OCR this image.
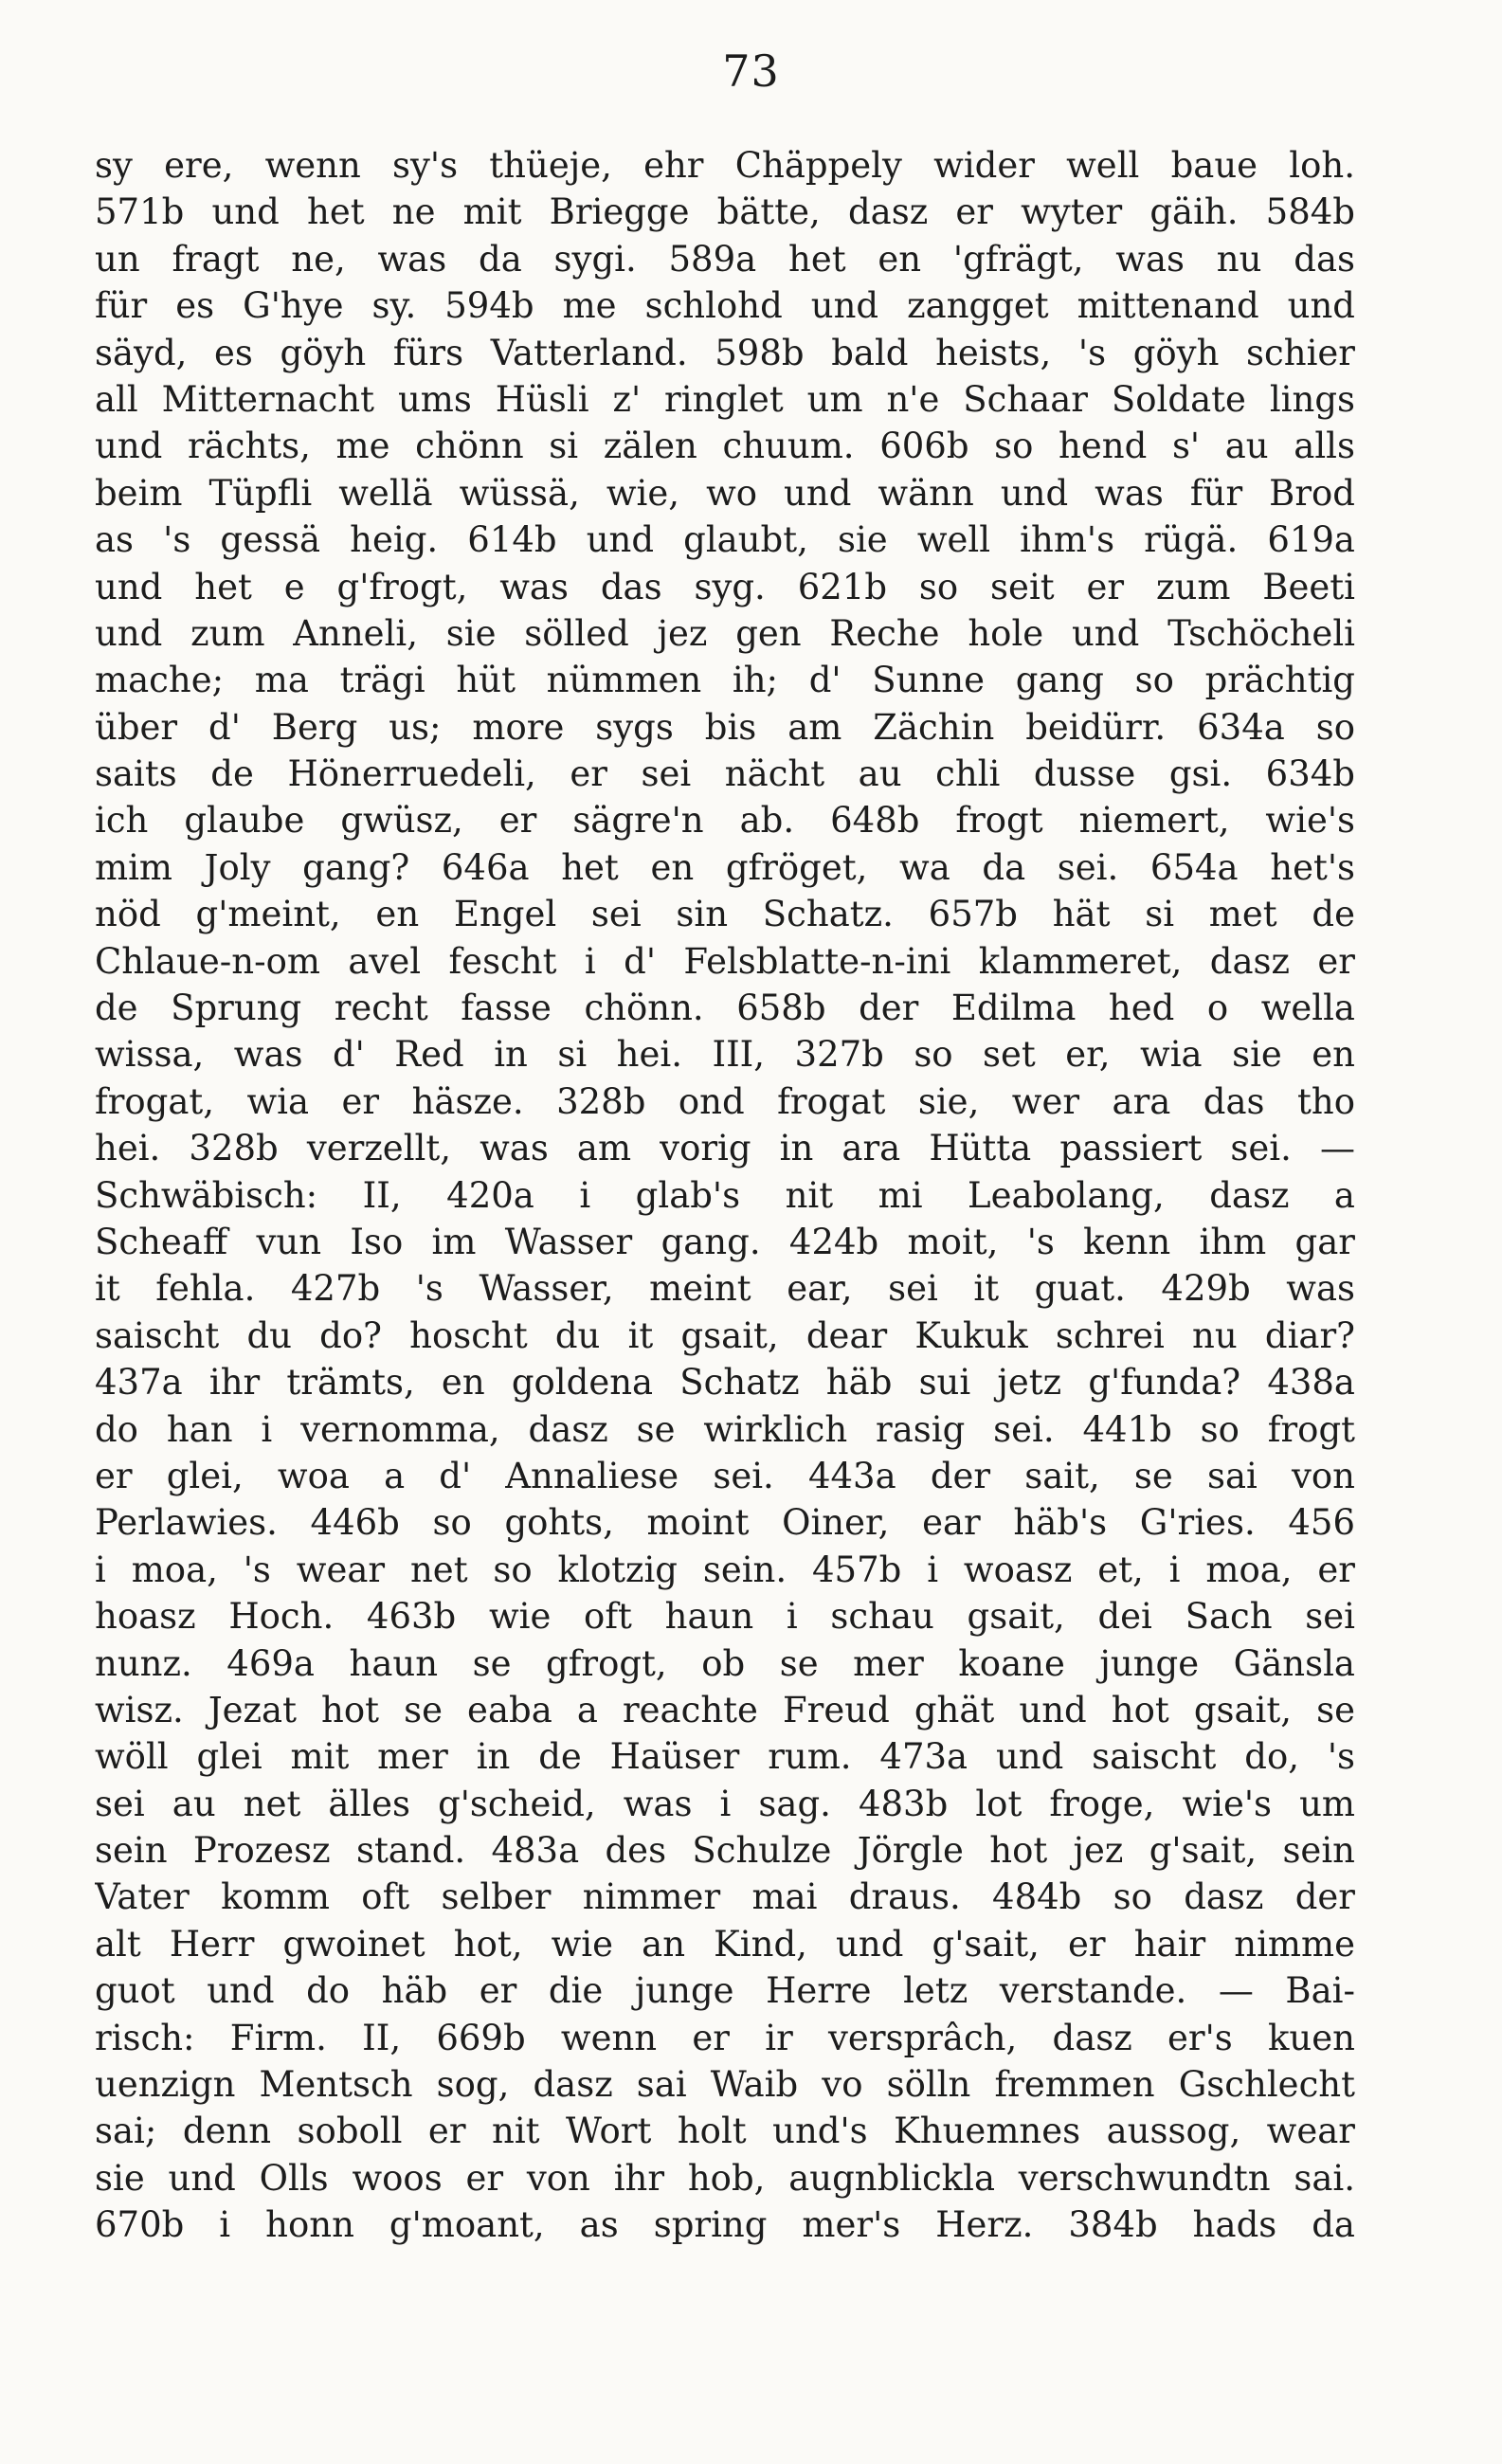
73
sy ere, wenn sy's thüeje, ehr Chäppely wider well baue loh.
571b und het ne mit Briegge bätte, dasz er wyter gäih. 584b
un fragt ne, was da sygi. 589a het en 'gfrägt, was nu das
für es G'hye sy. 594b me schlohd und zangget mittenand und
säyd, es göyh fürs Vatterland. 598b bald heists, 's göyh schier
all Mitternacht ums Hüsli z' ringlet um n'e Schaar Soldate lings
und rächts, me chönn si zälen chuum. 606b so hend s' au alls
beim Tüpfli wellä wüssä, wie, wo und wänn und was für Brod
as 's gessä heig. 614b und glaubt, sie well ihm's rügä. 619a
und het e g'frogt, was das syg. 621b so seit er zum Beeti
und zum Anneli, sie sölled jez gen Reche hole und Tschöcheli
mache; ma trägi hüt nümmen ih; d' Sunne gang so prächtig
über d' Berg us; more sygs bis am Zächin beidürr. 634a so
saits de Hönerruedeli, er sei nächt au chli dusse gsi. 634b
ich glaube gwüsz, er sägre'n ab. 648b frogt niemert, wie's
mim Joly gang? 646a het en gfröget, wa da sei. 654a het's
nöd g'meint, en Engel sei sin Schatz. 657b hät si met de
Chlaue-n-om avel fescht i d' Felsblatte-n-ini klammeret, dasz er
de Sprung recht fasse chönn. 658b der Edilma hed o wella
wissa, was d' Red in si hei. III, 327b so set er, wia sie en
frogat, wia er häsze. 328b ond frogat sie, wer ara das tho
hei. 328b verzellt, was am vorig in ara Hütta passiert sei. —
Schwäbisch: II, 420a i glab's nit mi Leabolang, dasz a
Scheaff vun Iso im Wasser gang. 424b moit, 's kenn ihm gar
it fehla. 427b 's Wasser, meint ear, sei it guat. 429b was
saischt du do? hoscht du it gsait, dear Kukuk schrei nu diar?
437a ihr trämts, en goldena Schatz häb sui jetz g'funda? 438a
do han i vernomma, dasz se wirklich rasig sei. 441b so frogt
er glei, woa a d' Annaliese sei. 443a der sait, se sai von
Perlawies. 446b so gohts, moint Oiner, ear häb's G'ries. 456
i moa, 's wear net so klotzig sein. 457b i woasz et, i moa, er
hoasz Hoch. 463b wie oft haun i schau gsait, dei Sach sei
nunz. 469a haun se gfrogt, ob se mer koane junge Gänsla
wisz. Jezat hot se eaba a reachte Freud ghät und hot gsait, se
wöll glei mit mer in de Haüser rum. 473a und saischt do, 's
sei au net älles g'scheid, was i sag. 483b lot froge, wie's um
sein Prozesz stand. 483a des Schulze Jörgle hot jez g'sait, sein
Vater komm oft selber nimmer mai draus. 484b so dasz der
alt Herr gwoinet hot, wie an Kind, und g'sait, er hair nimme
guot und do häb er die junge Herre letz verstande. — Bai-
risch: Firm. II, 669b wenn er ir versprâch, dasz er's kuen
uenzign Mentsch sog, dasz sai Waib vo sölln fremmen Gschlecht
sai; denn soboll er nit Wort holt und's Khuemnes aussog, wear
sie und Olls woos er von ihr hob, augnblickla verschwundtn sai.
670b i honn g'moant, as spring mer's Herz. 384b hads da
